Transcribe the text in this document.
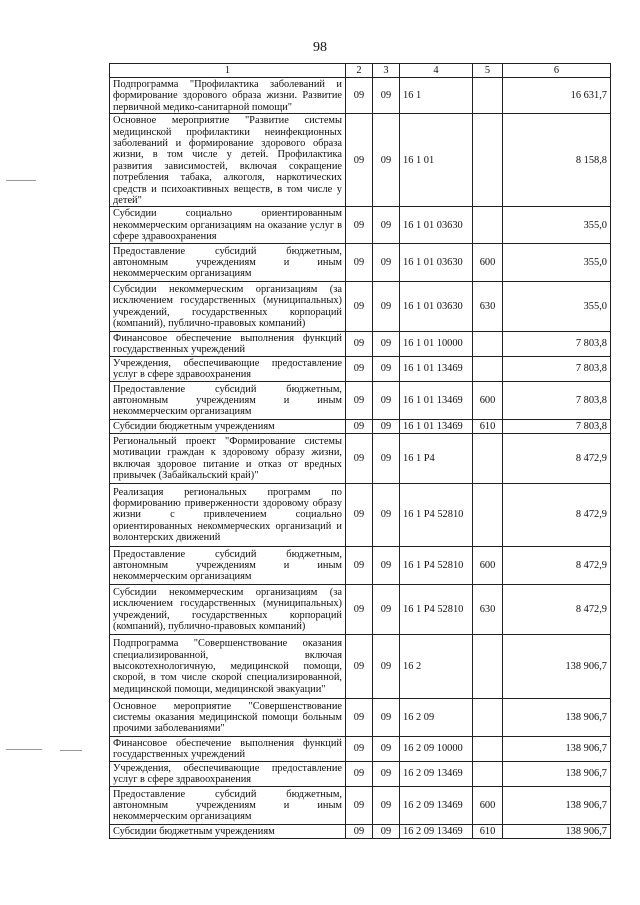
98
1	2	3	4	5	6
Подпрограмма "Профилактика заболеваний и формирование здорового образа жизни. Развитие первичной медико-санитарной помощи"	09	09	16 1		16 631,7
Основное мероприятие "Развитие системы медицинской профилактики неинфекционных заболеваний и формирование здорового образа жизни, в том числе у детей. Профилактика развития зависимостей, включая сокращение потребления табака, алкоголя, наркотических средств и психоактивных веществ, в том числе у детей"	09	09	16 1 01		8 158,8
Субсидии социально ориентированным некоммерческим организациям на оказание услуг в сфере здравоохранения	09	09	16 1 01 03630		355,0
Предоставление субсидий бюджетным, автономным учреждениям и иным некоммерческим организациям	09	09	16 1 01 03630	600	355,0
Субсидии некоммерческим организациям (за исключением государственных (муниципальных) учреждений, государственных корпораций (компаний), публично-правовых компаний)	09	09	16 1 01 03630	630	355,0
Финансовое обеспечение выполнения функций государственных учреждений	09	09	16 1 01 10000		7 803,8
Учреждения, обеспечивающие предоставление услуг в сфере здравоохранения	09	09	16 1 01 13469		7 803,8
Предоставление субсидий бюджетным, автономным учреждениям и иным некоммерческим организациям	09	09	16 1 01 13469	600	7 803,8
Субсидии бюджетным учреждениям	09	09	16 1 01 13469	610	7 803,8
Региональный проект "Формирование системы мотивации граждан к здоровому образу жизни, включая здоровое питание и отказ от вредных привычек (Забайкальский край)"	09	09	16 1 P4		8 472,9
Реализация региональных программ по формированию приверженности здоровому образу жизни с привлечением социально ориентированных некоммерческих организаций и волонтерских движений	09	09	16 1 P4 52810		8 472,9
Предоставление субсидий бюджетным, автономным учреждениям и иным некоммерческим организациям	09	09	16 1 P4 52810	600	8 472,9
Субсидии некоммерческим организациям (за исключением государственных (муниципальных) учреждений, государственных корпораций (компаний), публично-правовых компаний)	09	09	16 1 P4 52810	630	8 472,9
Подпрограмма "Совершенствование оказания специализированной, включая высокотехнологичную, медицинской помощи, скорой, в том числе скорой специализированной, медицинской помощи, медицинской эвакуации"	09	09	16 2		138 906,7
Основное мероприятие "Совершенствование системы оказания медицинской помощи больным прочими заболеваниями"	09	09	16 2 09		138 906,7
Финансовое обеспечение выполнения функций государственных учреждений	09	09	16 2 09 10000		138 906,7
Учреждения, обеспечивающие предоставление услуг в сфере здравоохранения	09	09	16 2 09 13469		138 906,7
Предоставление субсидий бюджетным, автономным учреждениям и иным некоммерческим организациям	09	09	16 2 09 13469	600	138 906,7
Субсидии бюджетным учреждениям	09	09	16 2 09 13469	610	138 906,7
